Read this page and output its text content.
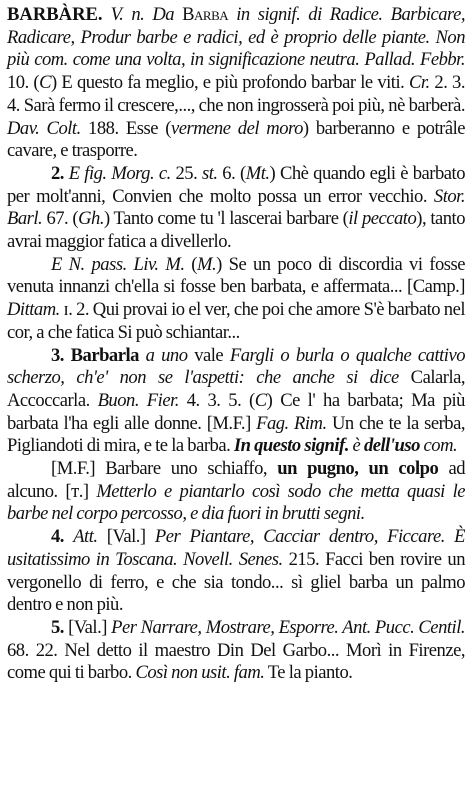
BARBÀRE. V. n. Da Barba in signif. di Radice. Barbicare, Radicare, Produr barbe e radici, ed è proprio delle piante. Non più com. come una volta, in significazione neutra. Pallad. Febbr. 10. (C) E questo fa meglio, e più profondo barbar le viti. Cr. 2. 3. 4. Sarà fermo il crescere,..., che non ingrosserà poi più, nè barberà. Dav. Colt. 188. Esse (vermene del moro) barberanno e potrâle cavare, e trasporre.

2. E fig. Morg. c. 25. st. 6. (Mt.) Chè quando egli è barbato per molt'anni, Convien che molto possa un error vecchio. Stor. Barl. 67. (Gh.) Tanto come tu 'l lascerai barbare (il peccato), tanto avrai maggior fatica a divellerlo.

E N. pass. Liv. M. (M.) Se un poco di discordia vi fosse venuta innanzi ch'ella si fosse ben barbata, e affermata... [Camp.] Dittam. ɪ. 2. Qui provai io el ver, che poi che amore S'è barbato nel cor, a che fatica Si può schiantar...

3. Barbarla a uno vale Fargli o burla o qualche cattivo scherzo, ch'e' non se l'aspetti: che anche si dice Calarla, Accoccarla. Buon. Fier. 4. 3. 5. (C) Ce l' ha barbata; Ma più barbata l'ha egli alle donne. [M.F.] Fag. Rim. Un che te la serba, Pigliandoti di mira, e te la barba. In questo signif. è dell'uso com.

[M.F.] Barbare uno schiaffo, un pugno, un colpo ad alcuno. [ᴛ.] Metterlo e piantarlo così sodo che metta quasi le barbe nel corpo percosso, e dia fuori in brutti segni.

4. Att. [Val.] Per Piantare, Cacciar dentro, Ficcare. È usitatissimo in Toscana. Novell. Senes. 215. Facci ben rovire un vergonello di ferro, e che sia tondo... sì gliel barba un palmo dentro e non più.

5. [Val.] Per Narrare, Mostrare, Esporre. Ant. Pucc. Centil. 68. 22. Nel detto il maestro Din Del Garbo... Morì in Firenze, come qui ti barbo. Così non usit. fam. Te la pianto.
